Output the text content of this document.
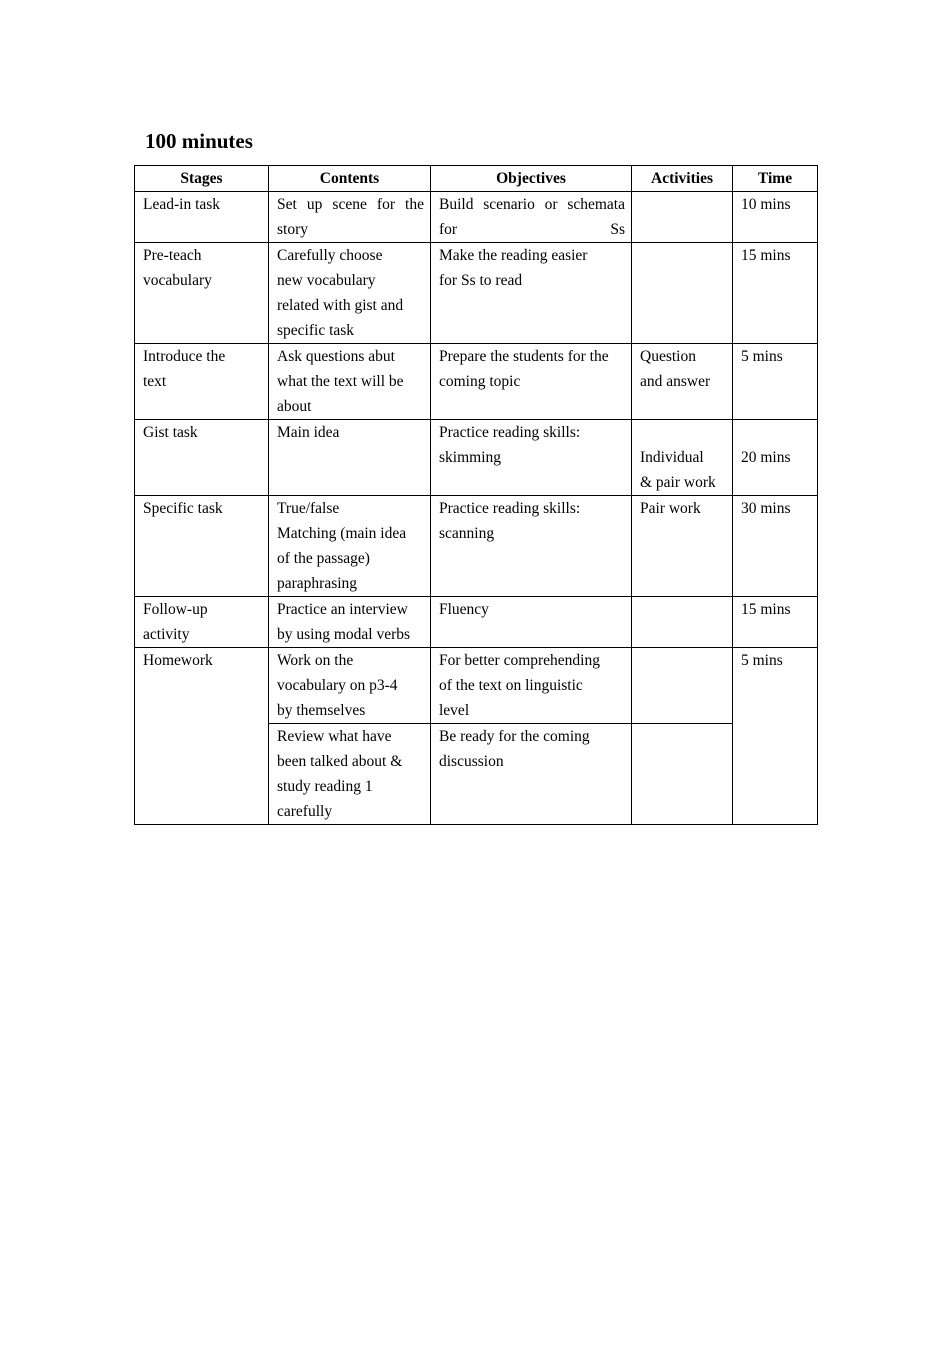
100 minutes
Stages	Contents	Objectives	Activities	Time

Lead-in task	Set up scene for the
story	Build scenario or schemata
for Ss		10 mins

Pre-teach
vocabulary	Carefully choose
new vocabulary
related with gist and
specific task	Make the reading easier
for Ss to read		15 mins

Introduce the
text	Ask questions abut
what the text will be
about	Prepare the students for the
coming topic	Question
and answer	5 mins

Gist task	Main idea	Practice reading skills:
skimming	Individual
& pair work	20 mins

Specific task	True/false
Matching (main idea
of the passage)
paraphrasing	Practice reading skills:
scanning	Pair work	30 mins

Follow-up
activity	Practice an interview
by using modal verbs	Fluency		15 mins

Homework	Work on the
vocabulary on p3-4
by themselves	For better comprehending
of the text on linguistic
level		5 mins

	Review what have
been talked about &
study reading 1
carefully	Be ready for the coming
discussion		
